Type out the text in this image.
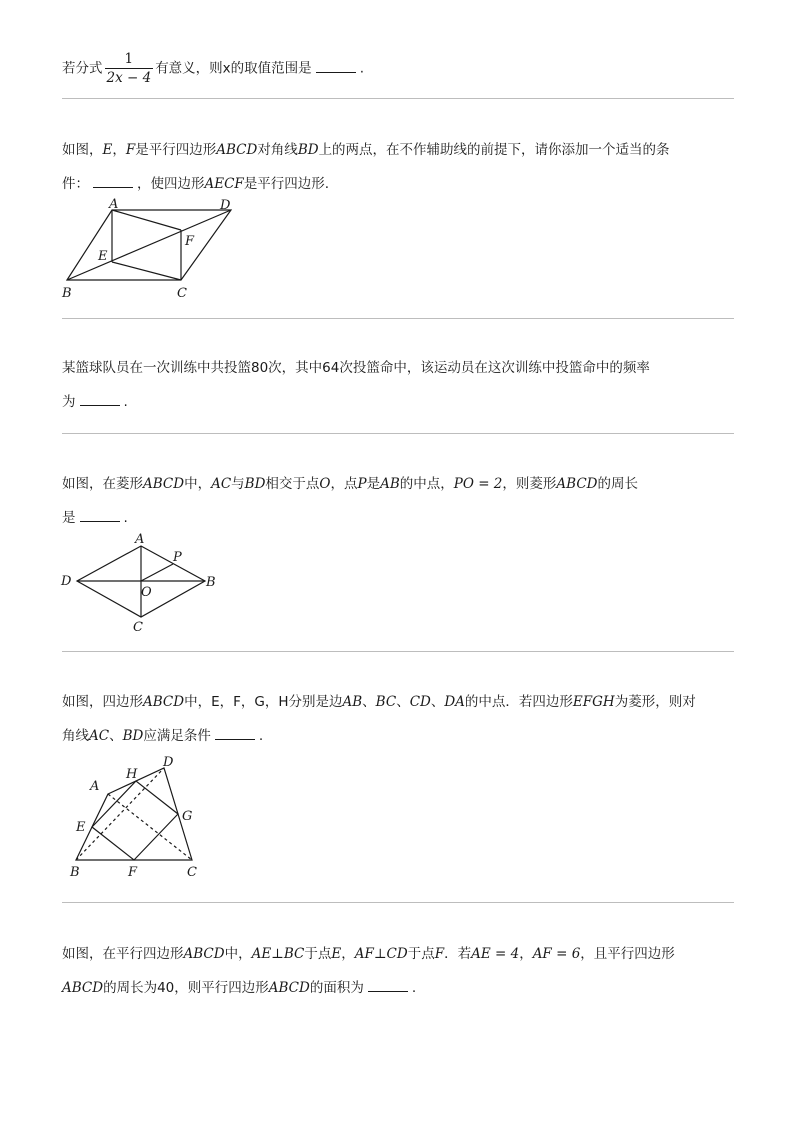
若分式 $\frac{1}{2x - 4}$ 有意义，则x的取值范围是	.

如图，E，F是平行四边形ABCD对角线BD上的两点，在不作辅助线的前提下，请你添加一个适当的条

件：	，使四边形AECF是平行四边形.

A	D
E
F
B	C

某篮球队员在一次训练中共投篮80次，其中64次投篮命中，该运动员在这次训练中投篮命中的频率

为	.

如图，在菱形ABCD中，AC与BD相交于点O，点P是AB的中点，PO = 2，则菱形ABCD的周长

是	.

A
P
D	B
O
C

如图，四边形ABCD中，E，F，G，H分别是边AB、BC、CD、DA的中点．若四边形EFGH为菱形，则对

角线AC、BD应满足条件	.

A
H
D
E
G
B	F	C

如图，在平行四边形ABCD中，AE⊥BC于点E，AF⊥CD于点F．若AE = 4，AF = 6，且平行四边形

ABCD的周长为40，则平行四边形ABCD的面积为	.
